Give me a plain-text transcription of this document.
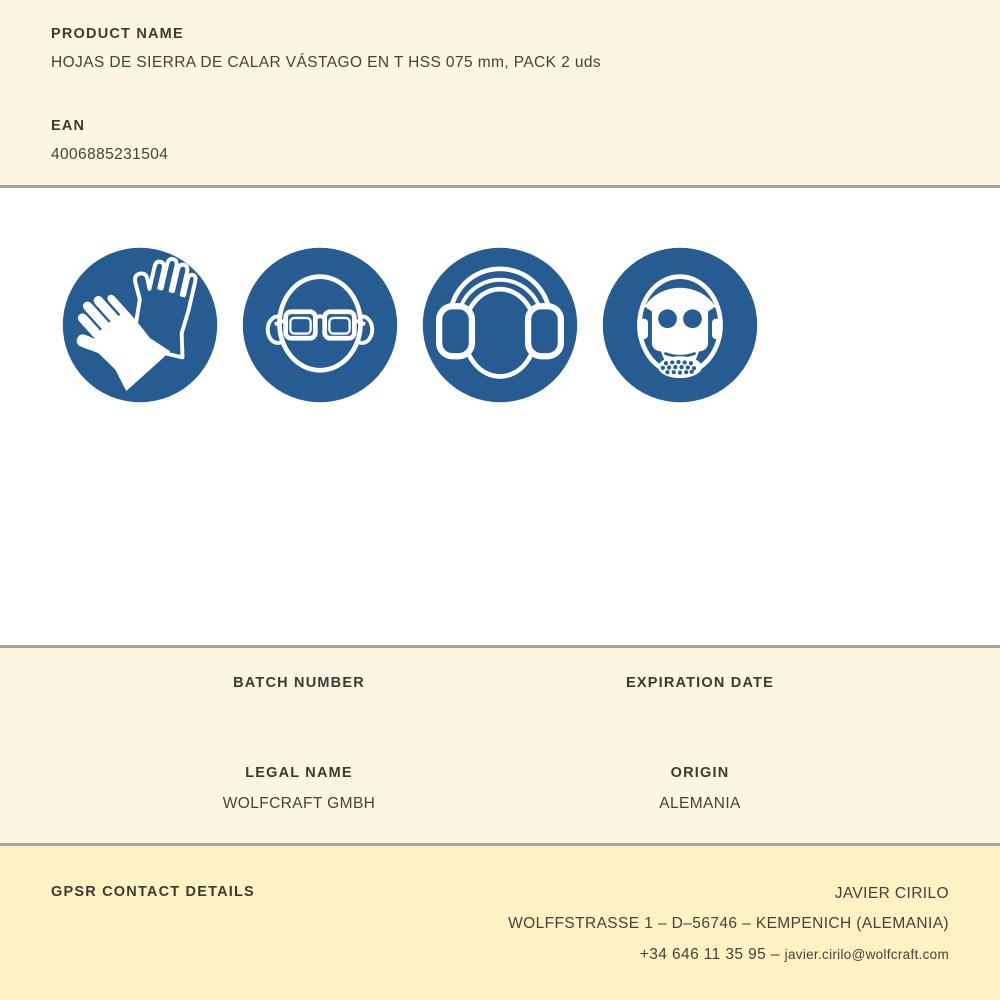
PRODUCT NAME
HOJAS DE SIERRA DE CALAR VÁSTAGO EN T HSS 075 mm, PACK 2 uds
EAN
4006885231504
BATCH NUMBER	EXPIRATION DATE
LEGAL NAME
WOLFCRAFT GMBH
ORIGIN
ALEMANIA
GPSR CONTACT DETAILS	JAVIER CIRILO
WOLFFSTRASSE 1 – D–56746 – KEMPENICH (ALEMANIA)
+34 646 11 35 95 – javier.cirilo@wolfcraft.com
